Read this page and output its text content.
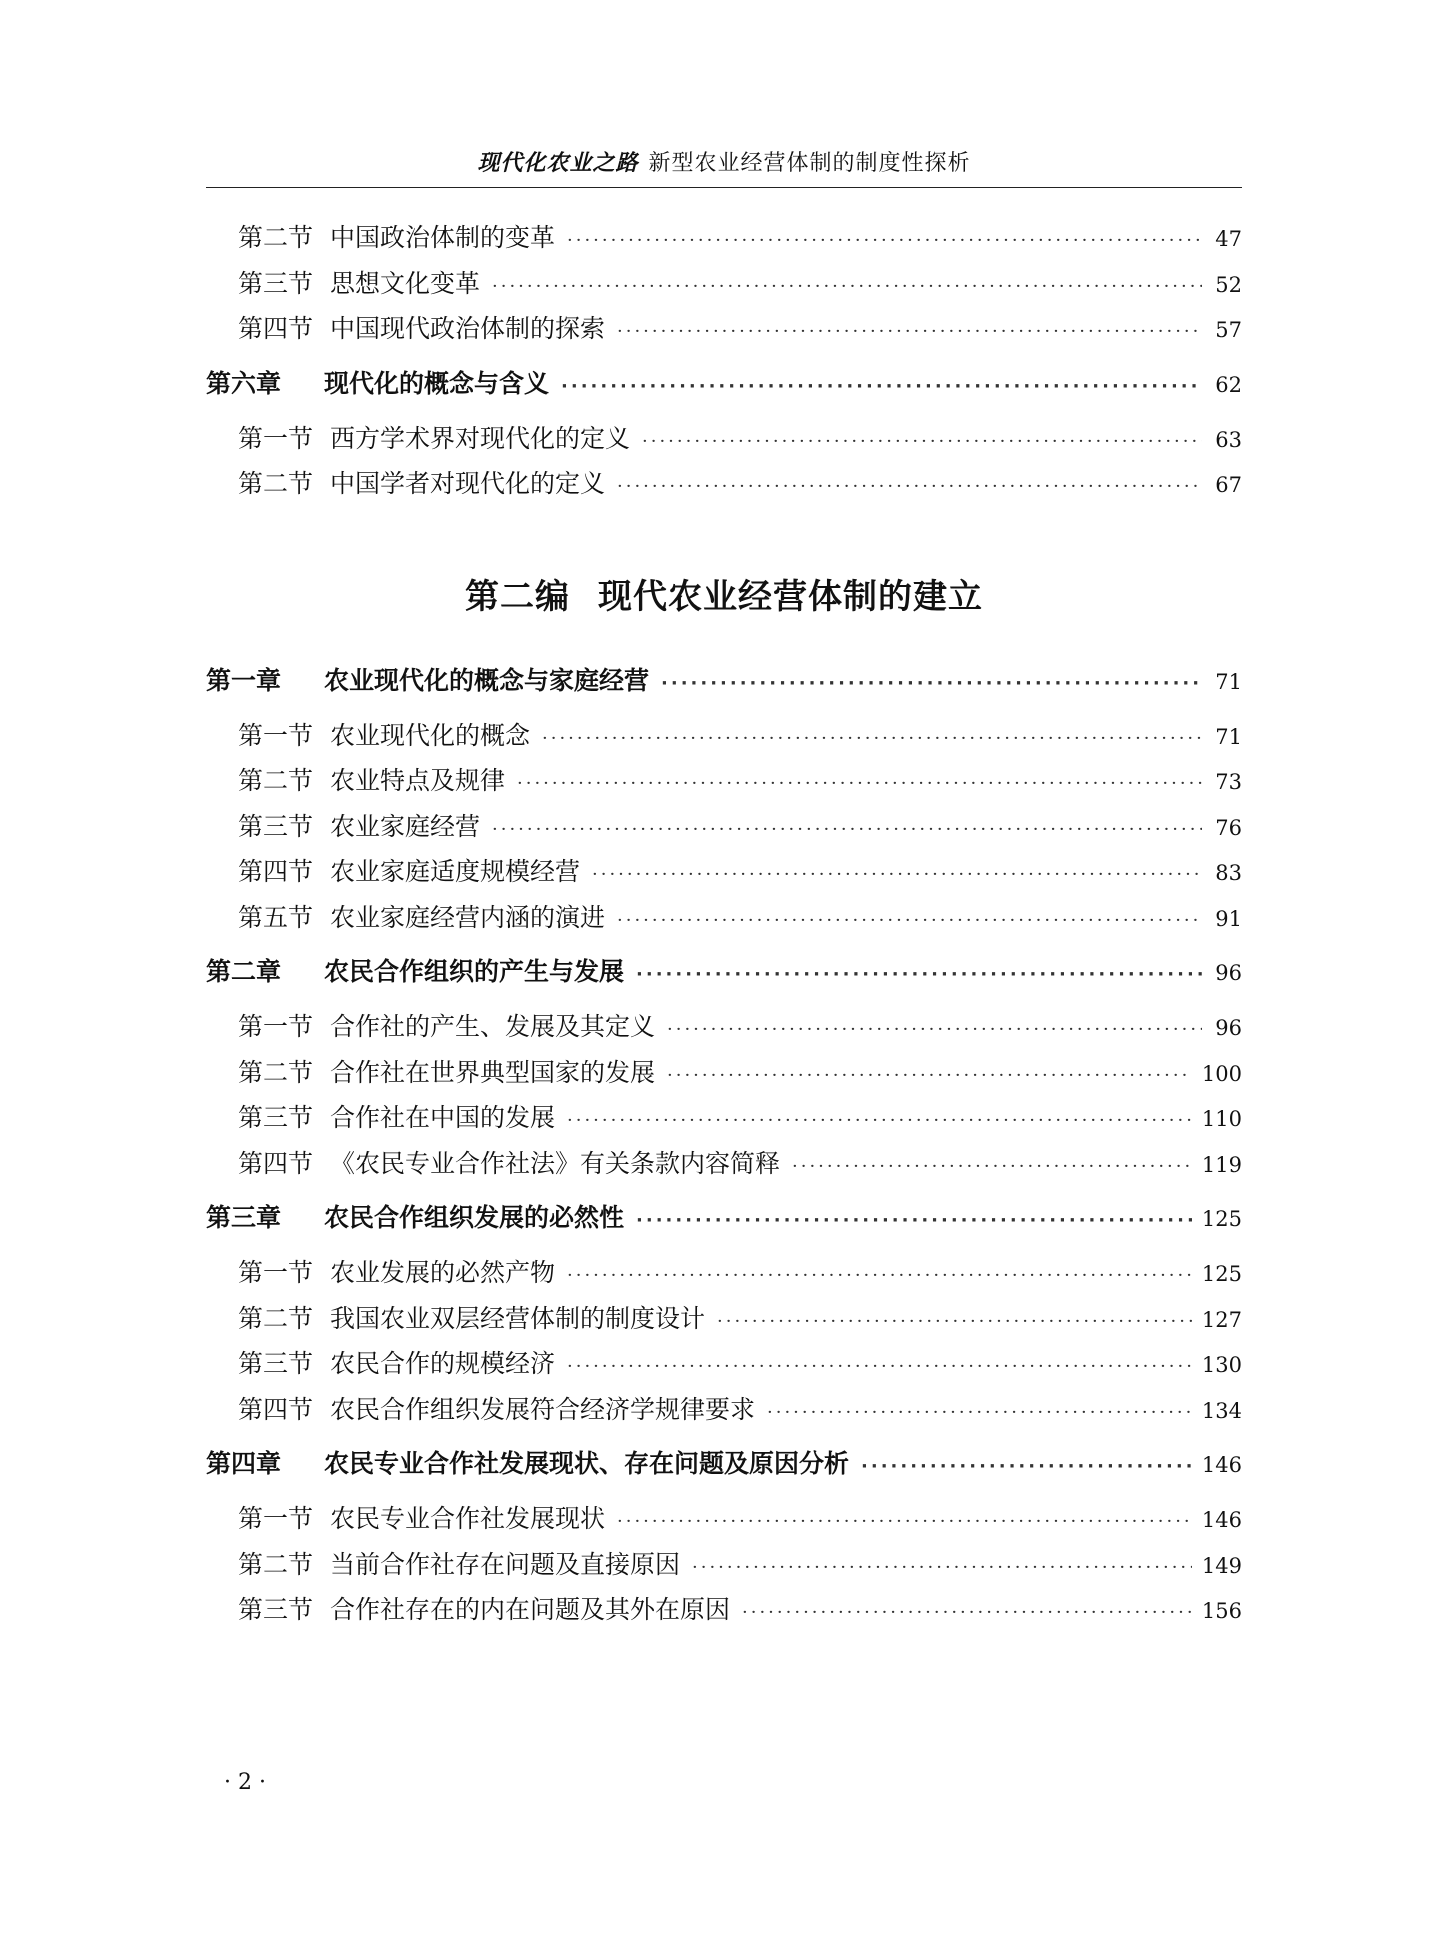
现代化农业之路 新型农业经营体制的制度性探析
第二节 中国政治体制的变革 ·····	47
第三节 思想文化变革 ·····	52
第四节 中国现代政治体制的探索 ·····	57
第六章 现代化的概念与含义 ·····	62
第一节 西方学术界对现代化的定义 ·····	63
第二节 中国学者对现代化的定义 ·····	67
第二编 现代农业经营体制的建立
第一章 农业现代化的概念与家庭经营 ·····	71
第一节 农业现代化的概念 ·····	71
第二节 农业特点及规律 ·····	73
第三节 农业家庭经营 ·····	76
第四节 农业家庭适度规模经营 ·····	83
第五节 农业家庭经营内涵的演进 ·····	91
第二章 农民合作组织的产生与发展 ·····	96
第一节 合作社的产生、发展及其定义 ·····	96
第二节 合作社在世界典型国家的发展 ·····	100
第三节 合作社在中国的发展 ·····	110
第四节 《农民专业合作社法》有关条款内容简释 ·····	119
第三章 农民合作组织发展的必然性 ·····	125
第一节 农业发展的必然产物 ·····	125
第二节 我国农业双层经营体制的制度设计 ·····	127
第三节 农民合作的规模经济 ·····	130
第四节 农民合作组织发展符合经济学规律要求 ·····	134
第四章 农民专业合作社发展现状、存在问题及原因分析 ·····	146
第一节 农民专业合作社发展现状 ·····	146
第二节 当前合作社存在问题及直接原因 ·····	149
第三节 合作社存在的内在问题及其外在原因 ·····	156
· 2 ·
